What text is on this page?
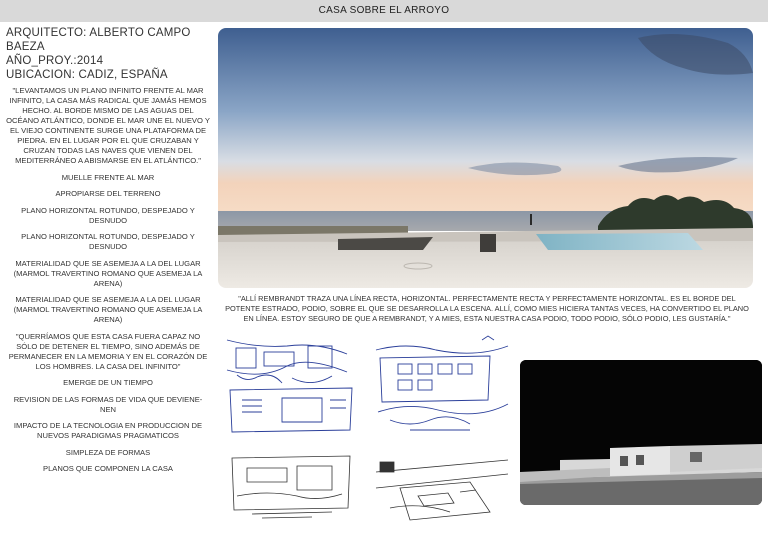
CASA SOBRE EL ARROYO
ARQUITECTO: ALBERTO CAMPO BAEZA
AÑO_PROY.:2014
UBICACION: CADIZ, ESPAÑA

"LEVANTAMOS UN PLANO INFINITO FRENTE AL MAR INFINITO, LA CASA MÁS RADICAL QUE JAMÁS HEMOS HECHO. AL BORDE MISMO DE LAS AGUAS DEL OCÉANO ATLÁNTICO, DONDE EL MAR UNE EL NUEVO Y EL VIEJO CONTINENTE SURGE UNA PLATAFORMA DE PIEDRA. EN EL LUGAR POR EL QUE CRUZABAN Y CRUZAN TODAS LAS NAVES QUE VIENEN DEL MEDITERRÁNEO A ABISMARSE EN EL ATLÁNTICO."

MUELLE FRENTE AL MAR

APROPIARSE DEL TERRENO

PLANO HORIZONTAL ROTUNDO, DESPEJADO Y DESNUDO

PLANO HORIZONTAL ROTUNDO, DESPEJADO Y DESNUDO

MATERIALIDAD QUE SE ASEMEJA A LA DEL LUGAR (MARMOL TRAVERTINO ROMANO QUE ASEMEJA LA ARENA)

MATERIALIDAD QUE SE ASEMEJA A LA DEL LUGAR (MARMOL TRAVERTINO ROMANO QUE ASEMEJA LA ARENA)

"QUERRÍAMOS QUE ESTA CASA FUERA CAPAZ NO SÓLO DE DETENER EL TIEMPO, SINO ADEMÁS DE PERMANECER EN LA MEMORIA Y EN EL CORAZÓN DE LOS HOMBRES. LA CASA DEL INFINITO"

EMERGE DE UN TIEMPO

REVISION DE LAS FORMAS DE VIDA QUE DEVIENE-NEN

IMPACTO DE LA TECNOLOGIA EN PRODUCCION DE NUEVOS PARADIGMAS PRAGMATICOS

SIMPLEZA DE FORMAS

PLANOS QUE COMPONEN LA CASA

"ALLÍ REMBRANDT TRAZA UNA LÍNEA RECTA, HORIZONTAL. PERFECTAMENTE RECTA Y PERFECTAMENTE HORIZONTAL. ES EL BORDE DEL POTENTE ESTRADO, PODIO, SOBRE EL QUE SE DESARROLLA LA ESCENA. ALLÍ, COMO MIES HICIERA TANTAS VECES, HA CONVERTIDO EL PLANO EN LÍNEA. ESTOY SEGURO DE QUE A REMBRANDT, Y A MIES, ESTA NUESTRA CASA PODIO, TODO PODIO, SÓLO PODIO, LES GUSTARÍA."
